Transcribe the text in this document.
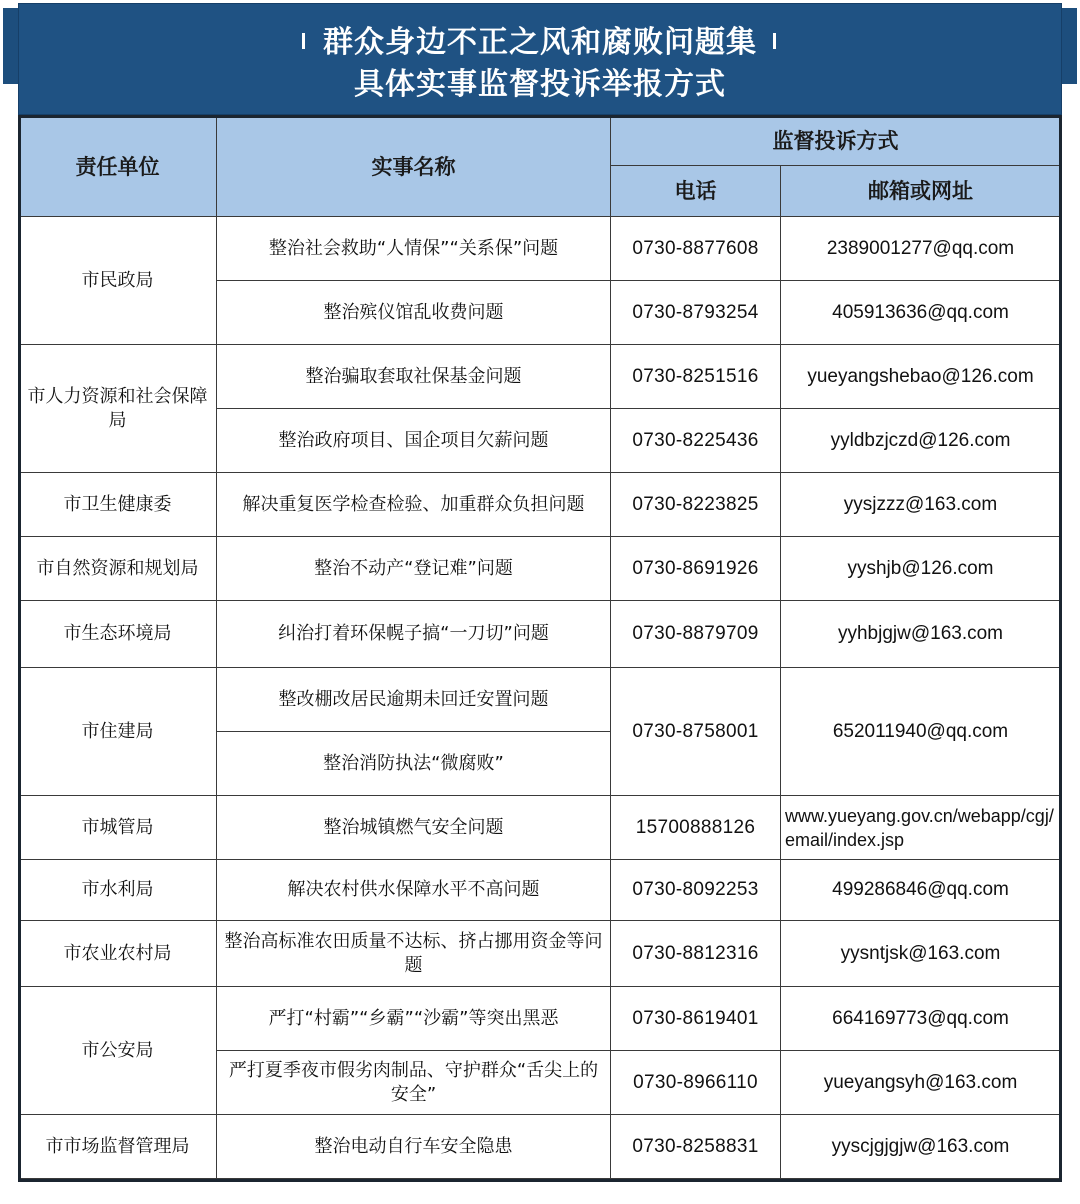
群众身边不正之风和腐败问题集
具体实事监督投诉举报方式
责任单位	实事名称	监督投诉方式	
		电话	邮箱或网址
市民政局	整治社会救助“人情保”“关系保”问题	0730-8877608	2389001277@qq.com
	整治殡仪馆乱收费问题	0730-8793254	405913636@qq.com
市人力资源和社会保障局	整治骗取套取社保基金问题	0730-8251516	yueyangshebao@126.com
	整治政府项目、国企项目欠薪问题	0730-8225436	yyldbzjczd@126.com
市卫生健康委	解决重复医学检查检验、加重群众负担问题	0730-8223825	yysjzzz@163.com
市自然资源和规划局	整治不动产“登记难”问题	0730-8691926	yyshjb@126.com
市生态环境局	纠治打着环保幌子搞“一刀切”问题	0730-8879709	yyhbjgjw@163.com
市住建局	整改棚改居民逾期未回迁安置问题	0730-8758001	652011940@qq.com
	整治消防执法“微腐败”		
市城管局	整治城镇燃气安全问题	15700888126	www.yueyang.gov.cn/webapp/cgj/email/index.jsp
市水利局	解决农村供水保障水平不高问题	0730-8092253	499286846@qq.com
市农业农村局	整治高标准农田质量不达标、挤占挪用资金等问题	0730-8812316	yysntjsk@163.com
市公安局	严打“村霸”“乡霸”“沙霸”等突出黑恶	0730-8619401	664169773@qq.com
	严打夏季夜市假劣肉制品、守护群众“舌尖上的安全”	0730-8966110	yueyangsyh@163.com
市市场监督管理局	整治电动自行车安全隐患	0730-8258831	yyscjgjgjw@163.com
